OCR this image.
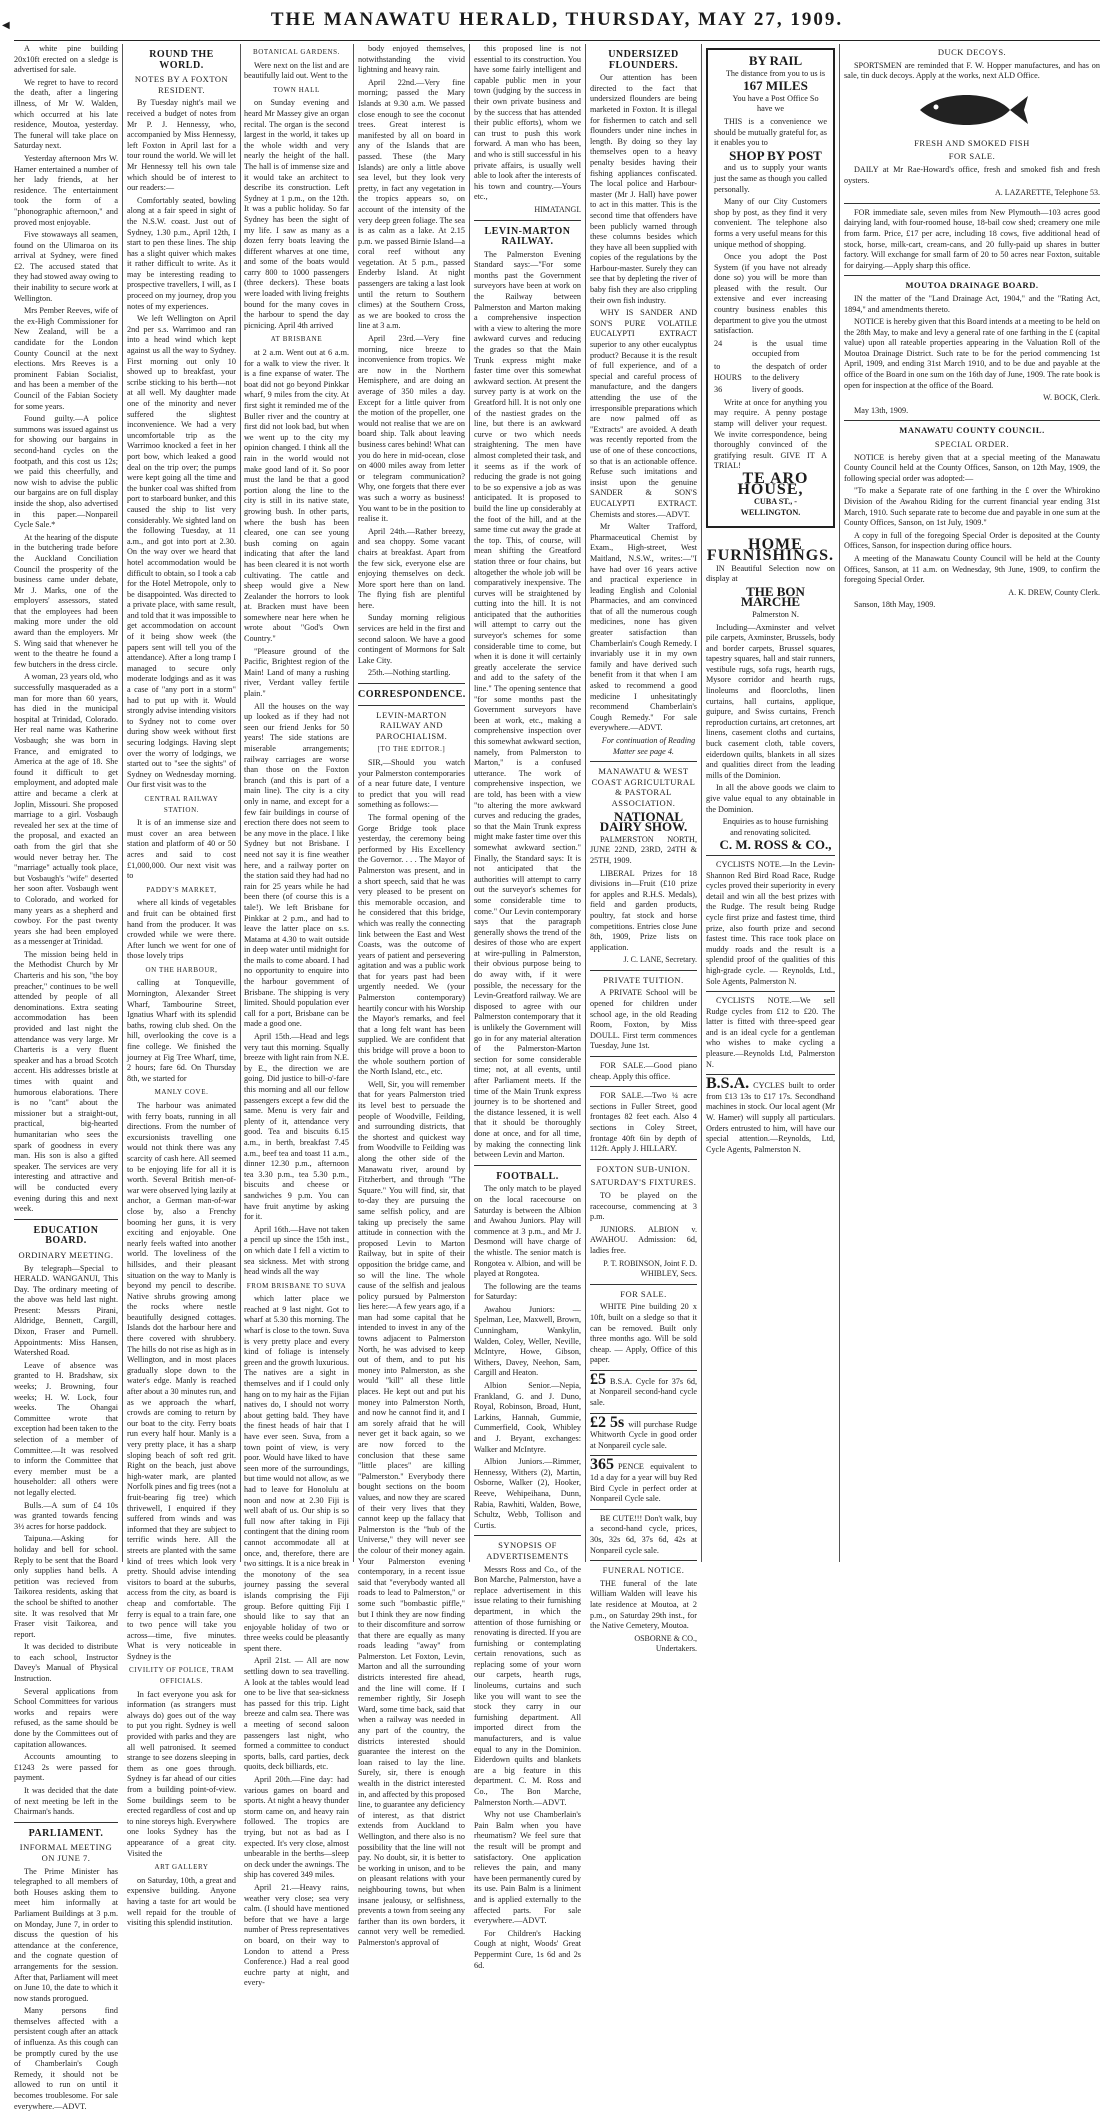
◀	THE MANAWATU HERALD, THURSDAY, MAY 27, 1909.

A white pine building 20x10ft erected on a sledge is advertised for sale.

We regret to have to record the death, after a lingering illness, of Mr W. Walden, which occurred at his late residence, Moutoa, yesterday. The funeral will take place on Saturday next.

Yesterday afternoon Mrs W. Hamer entertained a number of her lady friends, at her residence. The entertainment took the form of a "phonographic afternoon," and proved most enjoyable.

Five stowaways all seamen, found on the Ulimaroa on its arrival at Sydney, were fined £2. The accused stated that they had stowed away owing to their inability to secure work at Wellington.

Mrs Pember Reeves, wife of the ex-High Commissioner for New Zealand, will be a candidate for the London County Council at the next elections. Mrs Reeves is a prominent Fabian Socialist, and has been a member of the Council of the Fabian Society for some years.

Found guilty.—A police summons was issued against us for showing our bargains in second-hand cycles on the footpath, and this cost us 12s; we paid this cheerfully, and now wish to advise the public our bargains are on full display inside the shop, also advertised in this paper.—Nonpareil Cycle Sale.*

At the hearing of the dispute in the butchering trade before the Auckland Conciliation Council the prosperity of the business came under debate, Mr J. Marks, one of the employers' assessors, stated that the employees had been making more under the old award than the employers. Mr S. Wing said that whenever he went to the theatre he found a few butchers in the dress circle.

A woman, 23 years old, who successfully masqueraded as a man for more than 60 years, has died in the municipal hospital at Trinidad, Colorado. Her real name was Katherine Vosbaugh; she was born in France, and emigrated to America at the age of 18. She found it difficult to get employment, and adopted male attire and became a clerk at Joplin, Missouri. She proposed marriage to a girl. Vosbaugh revealed her sex at the time of the proposal, and exacted an oath from the girl that she would never betray her. The "marriage" actually took place, but Vosbaugh's "wife" deserted her soon after. Vosbaugh went to Colorado, and worked for many years as a shepherd and cowboy. For the past twenty years she had been employed as a messenger at Trinidad.

The mission being held in the Methodist Church by Mr Charteris and his son, "the boy preacher," continues to be well attended by people of all denominations. Extra seating accommodation has been provided and last night the attendance was very large. Mr Charteris is a very fluent speaker and has a broad Scotch accent. His addresses bristle at times with quaint and humorous elaborations. There is no "cant" about the missioner but a straight-out, practical, big-hearted humanitarian who sees the spark of goodness in every man. His son is also a gifted speaker. The services are very interesting and attractive and will be conducted every evening during this and next week.

EDUCATION BOARD.

ORDINARY MEETING.

By telegraph—Special to HERALD. WANGANUI, This Day. The ordinary meeting of the above was held last night. Present: Messrs Pirani, Aldridge, Bennett, Cargill, Dixon, Fraser and Purnell. Appointments: Miss Hansen, Watershed Road.

Leave of absence was granted to H. Bradshaw, six weeks; J. Browning, four weeks; H. W. Lock, four weeks. The Ohangai Committee wrote that exception had been taken to the selection of a member of Committee.—It was resolved to inform the Committee that every member must be a householder: all others were not legally elected.

Bulls.—A sum of £4 10s was granted towards fencing 3½ acres for horse paddock.

Taipuna.—Asking for holiday and bell for school. Reply to be sent that the Board only supplies hand bells. A petition was recieved from Taikorea residents, asking that the school be shifted to another site. It was resolved that Mr Fraser visit Taikorea, and report.

It was decided to distribute to each school, Instructor Davey's Manual of Physical Instruction.

Several applications from School Committees for various works and repairs were refused, as the same should be done by the Committees out of capitation allowances.

Accounts amounting to £1243 2s were passed for payment.

It was decided that the date of next meeting be left in the Chairman's hands.

PARLIAMENT.

INFORMAL MEETING ON JUNE 7.

The Prime Minister has telegraphed to all members of both Houses asking them to meet him informally at Parliament Buildings at 3 p.m. on Monday, June 7, in order to discuss the question of his attendance at the conference, and the cognate question of arrangements for the session. After that, Parliament will meet on June 10, the date to which it now stands prorogued.

Many persons find themselves affected with a persistent cough after an attack of influenza. As this cough can be promptly cured by the use of Chamberlain's Cough Remedy, it should not be allowed to run on until it becomes troublesome. For sale everywhere.—ADVT.

ROUND THE WORLD.

NOTES BY A FOXTON RESIDENT.

By Tuesday night's mail we received a budget of notes from Mr P. J. Hennessy, who, accompanied by Miss Hennessy, left Foxton in April last for a tour round the world. We will let Mr Hennessy tell his own tale which should be of interest to our readers:—

Comfortably seated, bowling along at a fair speed in sight of the N.S.W. coast. Just out of Sydney, 1.30 p.m., April 12th, I start to pen these lines. The ship has a slight quiver which makes it rather difficult to write. As it may be interesting reading to prospective travellers, I will, as I proceed on my journey, drop you notes of my experiences.

We left Wellington on April 2nd per s.s. Warrimoo and ran into a head wind which kept against us all the way to Sydney. First morning out only 10 showed up to breakfast, your scribe sticking to his berth—not at all well. My daughter made one of the minority and never suffered the slightest inconvenience. We had a very uncomfortable trip as the Warrimoo knocked a feet in her port bow, which leaked a good deal on the trip over; the pumps were kept going all the time and the bunker coal was shifted from port to starboard bunker, and this caused the ship to list very considerably. We sighted land on the following Tuesday, at 11 a.m., and got into port at 2.30. On the way over we heard that hotel accommodation would be difficult to obtain, so I took a cab for the Hotel Metropole, only to be disappointed. Was directed to a private place, with same result, and told that it was impossible to get accommodation on account of it being show week (the papers sent will tell you of the attendance). After a long tramp I managed to secure only moderate lodgings and as it was a case of "any port in a storm" had to put up with it. Would strongly advise intending visitors to Sydney not to come over during show week without first securing lodgings. Having slept over the worry of lodgings, we started out to "see the sights" of Sydney on Wednesday morning. Our first visit was to the

CENTRAL RAILWAY STATION.

It is of an immense size and must cover an area between station and platform of 40 or 50 acres and said to cost £1,000,000. Our next visit was to

PADDY'S MARKET,

where all kinds of vegetables and fruit can be obtained first hand from the producer. It was crowded while we were there. After lunch we went for one of those lovely trips

ON THE HARBOUR,

calling at Tonqueville, Mornington, Alexander Street Wharf, Tambourine Street, Ignatius Wharf with its splendid baths, rowing club shed. On the hill, overlooking the cove is a fine college. We finished the journey at Fig Tree Wharf, time, 2 hours; fare 6d. On Thursday 8th, we started for

MANLY COVE.

The harbour was animated with ferry boats, running in all directions. From the number of excursionists travelling one would not think there was any scarcity of cash here. All seemed to be enjoying life for all it is worth. Several British men-of-war were observed lying lazily at anchor, a German man-of-war close by, also a Frenchy booming her guns, it is very exciting and enjoyable. One nearly feels wafted into another world. The loveliness of the hillsides, and their pleasant situation on the way to Manly is beyond my pencil to describe. Native shrubs growing among the rocks where nestle beautifully designed cottages. Islands dot the harbour here and there covered with shrubbery. The hills do not rise as high as in Wellington, and in most places gradually slope down to the water's edge. Manly is reached after about a 30 minutes run, and as we approach the wharf, crowds are coming to return by our boat to the city. Ferry boats run every half hour. Manly is a very pretty place, it has a sharp sloping beach of soft red grit. Right on the beach, just above high-water mark, are planted Norfolk pines and fig trees (not a fruit-bearing fig tree) which thrivewell, I enquired if they suffered from winds and was informed that they are subject to terrific winds here. All the streets are planted with the same kind of trees which look very pretty. Should advise intending visitors to board at the suburbs, access from the city, as board is cheap and comfortable. The ferry is equal to a train fare, one to two pence will take you across—time, five minutes. What is very noticeable in Sydney is the

CIVILITY OF POLICE, TRAM OFFICIALS.

In fact everyone you ask for information (as strangers must always do) goes out of the way to put you right. Sydney is well provided with parks and they are all well patronised. It seemed strange to see dozens sleeping in them as one goes through. Sydney is far ahead of our cities from a building point-of-view. Some buildings seem to be erected regardless of cost and up to nine storeys high. Everywhere one looks Sydney has the appearance of a great city. Visited the

ART GALLERY

on Saturday, 10th, a great and expensive building. Anyone having a taste for art would be well repaid for the trouble of visiting this splendid institution.

BOTANICAL GARDENS.

Were next on the list and are beautifully laid out. Went to the

TOWN HALL

on Sunday evening and heard Mr Massey give an organ recital. The organ is the second largest in the world, it takes up the whole width and very nearly the height of the hall. The hall is of immense size and it would take an architect to describe its construction. Left Sydney at 1 p.m., on the 12th. It was a public holiday. So far Sydney has been the sight of my life. I saw as many as a dozen ferry boats leaving the different wharves at one time, and some of the boats would carry 800 to 1000 passengers (three deckers). These boats were loaded with living freights bound for the many coves in the harbour to spend the day picnicing. April 4th arrived

AT BRISBANE

at 2 a.m. Went out at 6 a.m. for a walk to view the river. It is a fine expanse of water. The boat did not go beyond Pinkkar wharf, 9 miles from the city. At first sight it reminded me of the Buller river and the country at first did not look bad, but when we went up to the city my opinion changed. I think all the rain in the world would not make good land of it. So poor must the land be that a good portion along the line to the city is still in its native state, growing bush. In other parts, where the bush has been cleared, one can see young bush coming on again indicating that after the land has been cleared it is not worth cultivating. The cattle and sheep would give a New Zealander the horrors to look at. Bracken must have been somewhere near here when he wrote about "God's Own Country."

"Pleasure ground of the Pacific, Brightest region of the Main! Land of many a rushing river, Verdant valley fertile plain."

All the houses on the way up looked as if they had not seen our friend Jenks for 50 years! The side stations are miserable arrangements; railway carriages are worse than those on the Foxton branch (and this is part of a main line). The city is a city only in name, and except for a few fair buildings in course of erection there does not seem to be any move in the place. I like Sydney but not Brisbane. I need not say it is fine weather here, and a railway porter on the station said they had had no rain for 25 years while he had been there (of course this is a tale!). We left Brisbane for Pinkkar at 2 p.m., and had to leave the latter place on s.s. Matama at 4.30 to wait outside in deep water until midnight for the mails to come aboard. I had no opportunity to enquire into the harbour government of Brisbane. The shipping is very limited. Should population ever call for a port, Brisbane can be made a good one.

April 15th.—Head and legs very taut this morning. Squally breeze with light rain from N.E. by E., the direction we are going. Did justice to bill-o'-fare this morning and all our fellow passengers except a few did the same. Menu is very fair and plenty of it, attendance very good. Tea and biscuits 6.15 a.m., in berth, breakfast 7.45 a.m., beef tea and toast 11 a.m., dinner 12.30 p.m., afternoon tea 3.30 p.m., tea 5.30 p.m., biscuits and cheese or sandwiches 9 p.m. You can have fruit anytime by asking for it.

April 16th.—Have not taken a pencil up since the 15th inst., on which date I fell a victim to sea sickness. Met with strong head winds all the way

FROM BRISBANE TO SUVA

which latter place we reached at 9 last night. Got to wharf at 5.30 this morning. The wharf is close to the town. Suva is very pretty place and every kind of foliage is intensely green and the growth luxurious. The natives are a sight in themselves and if I could only hang on to my hair as the Fijian natives do, I should not worry about getting bald. They have the finest heads of hair that I have ever seen. Suva, from a town point of view, is very poor. Would have liked to have seen more of the surroundings, but time would not allow, as we had to leave for Honolulu at noon and now at 2.30 Fiji is well abaft of us. Our ship is so full now after taking in Fiji contingent that the dining room cannot accommodate all at once, and, therefore, there are two sittings. It is a nice break in the monotony of the sea journey passing the several islands comprising the Fiji group. Before quitting Fiji I should like to say that an enjoyable holiday of two or three weeks could be pleasantly spent there.

April 21st. — All are now settling down to sea travelling. A look at the tables would lead one to be live that sea-sickness has passed for this trip. Light breeze and calm sea. There was a meeting of second saloon passengers last night, who formed a committee to conduct sports, balls, card parties, deck quoits, deck billiards, etc.

April 20th.—Fine day: had various games on board and sports. At night a heavy thunder storm came on, and heavy rain followed. The tropics are trying, but not as bad as I expected. It's very close, almost unbearable in the berths—sleep on deck under the awnings. The ship has covered 349 miles.

April 21.—Heavy rains, weather very close; sea very calm. (I should have mentioned before that we have a large number of Press representatives on board, on their way to London to attend a Press Conference.) Had a real good euchre party at night, and every-

body enjoyed themselves, notwithstanding the vivid lightning and heavy rain.

April 22nd.—Very fine morning; passed the Mary Islands at 9.30 a.m. We passed close enough to see the coconut trees. Great interest is manifested by all on board in any of the Islands that are passed. These (the Mary Islands) are only a little above sea level, but they look very pretty, in fact any vegetation in the tropics appears so, on account of the intensity of the very deep green foliage. The sea is as calm as a lake. At 2.15 p.m. we passed Birnie Island—a coral reef without any vegetation. At 5 p.m., passed Enderby Island. At night passengers are taking a last look until the return to Southern climes) at the Southern Cross, as we are booked to cross the line at 3 a.m.

April 23rd.—Very fine morning, nice breeze to inconvenience from tropics. We are now in the Northern Hemisphere, and are doing an average of 350 miles a day. Except for a little quiver from the motion of the propeller, one would not realise that we are on board ship. Talk about leaving business cares behind! What can you do here in mid-ocean, close on 4000 miles away from letter or telegram communication? Why, one forgets that there ever was such a worry as business! You want to be in the position to realise it.

April 24th.—Rather breezy, and sea choppy. Some vacant chairs at breakfast. Apart from the few sick, everyone else are enjoying themselves on deck. More sport here than on land. The flying fish are plentiful here.

Sunday morning religious services are held in the first and second saloon. We have a good contingent of Mormons for Salt Lake City.

25th.—Nothing startling.

CORRESPONDENCE.

LEVIN-MARTON RAILWAY AND PAROCHIALISM.

[TO THE EDITOR.]

SIR,—Should you watch your Palmerston contemporaries of a near future date, I venture to predict that you will read something as follows:—

The formal opening of the Gorge Bridge took place yesterday, the ceremony being performed by His Excellency the Governor. . . . The Mayor of Palmerston was present, and in a short speech, said that he was very pleased to be present on this memorable occasion, and he considered that this bridge, which was really the connecting link between the East and West Coasts, was the outcome of years of patient and persevering agitation and was a public work that for years past had been urgently needed. We (your Palmerston contemporary) heartily concur with his Worship the Mayor's remarks, and feel that a long felt want has been supplied. We are confident that this bridge will prove a boon to the whole southern portion of the North Island, etc., etc.

Well, Sir, you will remember that for years Palmerston tried its level best to persuade the people of Woodville, Feilding, and surrounding districts, that the shortest and quickest way from Woodville to Feilding was along the other side of the Manawatu river, around by Fitzherbert, and through "The Square." You will find, sir, that to-day they are pursuing the same selfish policy, and are taking up precisely the same attitude in connection with the proposed Levin to Marton Railway, but in spite of their opposition the bridge came, and so will the line. The whole cause of the selfish and jealous policy pursued by Palmerston lies here:—A few years ago, if a man had some capital that he intended to invest in any of the towns adjacent to Palmerston North, he was advised to keep out of them, and to put his money into Palmerston, as she would "kill" all these little places. He kept out and put his money into Palmerston North, and now he cannot find it, and I am sorely afraid that he will never get it back again, so we are now forced to the conclusion that these same "little places" are killing "Palmerston." Everybody there bought sections on the boom values, and now they are scared of their very lives that they cannot keep up the fallacy that Palmerston is the "hub of the Universe," they will never see the colour of their money again. Your Palmerston evening contemporary, in a recent issue said that "everybody wanted all roads to lead to Palmerston," or some such "bombastic piffle," but I think they are now finding to their discomfiture and sorrow that there are equally as many roads leading "away" from Palmerston. Let Foxton, Levin, Marton and all the surrounding districts interested fire ahead, and the line will come. If I remember rightly, Sir Joseph Ward, some time back, said that when a railway was needed in any part of the country, the districts interested should guarantee the interest on the loan raised to lay the line. Surely, sir, there is enough wealth in the district interested in, and affected by this proposed line, to guarantee any deficiency of interest, as that district extends from Auckland to Wellington, and there also is no possibility that the line will not pay. No doubt, sir, it is better to be working in unison, and to be on pleasant relations with your neighbouring towns, but when insane jealousy, or selfishness, prevents a town from seeing any farther than its own borders, it cannot very well be remedied. Palmerston's approval of

this proposed line is not essential to its construction. You have some fairly intelligent and capable public men in your town (judging by the success in their own private business and by the success that has attended their public efforts), whom we can trust to push this work forward. A man who has been, and who is still successful in his private affairs, is usually well able to look after the interests of his town and country.—Yours etc.,

HIMATANGI.

LEVIN-MARTON RAILWAY.

The Palmerston Evening Standard says:—"For some months past the Government surveyors have been at work on the Railway between Palmerston and Marton making a comprehensive inspection with a view to altering the more awkward curves and reducing the grades so that the Main Trunk express might make faster time over this somewhat awkward section. At present the survey party is at work on the Greatford hill. It is not only one of the nastiest grades on the line, but there is an awkward curve or two which needs straightening. The men have almost completed their task, and it seems as if the work of reducing the grade is not going to be so expensive a job as was anticipated. It is proposed to build the line up considerably at the foot of the hill, and at the same time cut away the grade at the top. This, of course, will mean shifting the Greatford station three or four chains, but altogether the whole job will be comparatively inexpensive. The curves will be straightened by cutting into the hill. It is not anticipated that the authorities will attempt to carry out the surveyor's schemes for some considerable time to come, but when it is done it will certainly greatly accelerate the service and add to the safety of the line." The opening sentence that "for some months past the Government surveyors have been at work, etc., making a comprehensive inspection over this somewhat awkward section, namely, from Palmerston to Marton," is a confused utterance. The work of comprehensive inspection, we are told, has been with a view "to altering the more awkward curves and reducing the grades, so that the Main Trunk express might make faster time over this somewhat awkward section." Finally, the Standard says: It is not anticipated that the authorities will attempt to carry out the surveyor's schemes for some considerable time to come." Our Levin contemporary says that the paragraph generally shows the trend of the desires of those who are expert at wire-pulling in Palmerston, their obvious purpose being to do away with, if it were possible, the necessary for the Levin-Greatford railway. We are disposed to agree with our Palmerston contemporary that it is unlikely the Government will go in for any material alteration of the Palmerston-Marton section for some considerable time; not, at all events, until after Parliament meets. If the time of the Main Trunk express journey is to be shortened and the distance lessened, it is well that it should be thoroughly done at once, and for all time, by making the connecting link between Levin and Marton.

FOOTBALL.

The only match to be played on the local racecourse on Saturday is between the Albion and Awahou Juniors. Play will commence at 3 p.m., and Mr J. Desmond will have charge of the whistle. The senior match is Rongotea v. Albion, and will be played at Rongotea.

The following are the teams for Saturday:

Awahou Juniors: — Spelman, Lee, Maxwell, Brown, Cunningham, Wankylin, Walden, Coley, Weller, Neville, McIntyre, Howe, Gibson, Withers, Davey, Neehon, Sam, Cargill and Heaton.

Albion Senior.—Nepia, Frankland, G. and J. Duno, Royal, Robinson, Broad, Hunt, Larkins, Hannah, Gummie, Cummerfield, Cook, Whibley and J. Bryant, exchanges: Walker and McIntyre.

Albion Juniors.—Rimmer, Hennessy, Withers (2), Martin, Osborne, Walker (2), Hooker, Reeve, Wehipeihana, Dunn, Rabia, Rawhiti, Walden, Bowe, Schultz, Webb, Tollison and Curtis.

SYNOPSIS OF ADVERTISEMENTS

Messrs Ross and Co., of the Bon Marche, Palmerston, have a replace advertisement in this issue relating to their furnishing department, in which the attention of those furnishing or renovating is directed. If you are furnishing or contemplating certain renovations, such as replacing some of your worn our carpets, hearth rugs, linoleums, curtains and such like you will want to see the stock they carry in our furnishing department. All imported direct from the manufacturers, and is value equal to any in the Dominion. Eiderdown quilts and blankets are a big feature in this department. C. M. Ross and Co., The Bon Marche, Palmerston North.—ADVT.

Why not use Chamberlain's Pain Balm when you have rheumatism? We feel sure that the result will be prompt and satisfactory. One application relieves the pain, and many have been permanently cured by its use. Pain Balm is a liniment and is applied externally to the affected parts. For sale everywhere.—ADVT.

For Children's Hacking Cough at night, Woods' Great Peppermint Cure, 1s 6d and 2s 6d.

UNDERSIZED FLOUNDERS.

Our attention has been directed to the fact that undersized flounders are being marketed in Foxton. It is illegal for fishermen to catch and sell flounders under nine inches in length. By doing so they lay themselves open to a heavy penalty besides having their fishing appliances confiscated. The local police and Harbour-master (Mr J. Hall) have power to act in this matter. This is the second time that offenders have been publicly warned through these columns besides which they have all been supplied with copies of the regulations by the Harbour-master. Surely they can see that by depleting the river of baby fish they are also crippling their own fish industry.

WHY IS SANDER AND SON'S PURE VOLATILE EUCALYPTI EXTRACT superior to any other eucalyptus product? Because it is the result of full experience, and of a special and careful process of manufacture, and the dangers attending the use of the irresponsible preparations which are now palmed off as "Extracts" are avoided. A death was recently reported from the use of one of these concoctions, so that is an actionable offence. Refuse such imitations and insist upon the genuine SANDER & SON'S EUCALYPTI EXTRACT. Chemists and stores.—ADVT.

Mr Walter Trafford, Pharmaceutical Chemist by Exam., High-street, West Maitland, N.S.W., writes:—"I have had over 16 years active and practical experience in leading English and Colonial Pharmacies, and am convinced that of all the numerous cough medicines, none has given greater satisfaction than Chamberlain's Cough Remedy. I invariably use it in my own family and have derived such benefit from it that when I am asked to recommend a good medicine I unhesitatingly recommend Chamberlain's Cough Remedy." For sale everywhere.—ADVT.

For continuation of Reading Matter see page 4.

MANAWATU & WEST COAST AGRICULTURAL & PASTORAL ASSOCIATION.

NATIONAL DAIRY SHOW.

PALMERSTON NORTH, JUNE 22ND, 23RD, 24TH & 25TH, 1909.

LIBERAL Prizes for 18 divisions in—Fruit (£10 prize for apples and R.H.S. Medals), field and garden products, poultry, fat stock and horse competitions. Entries close June 8th, 1909, Prize lists on application.

J. C. LANE, Secretary.

PRIVATE TUITION.

A PRIVATE School will be opened for children under school age, in the old Reading Room, Foxton, by Miss DOULL. First term commences Tuesday, June 1st.

FOR SALE.—Good piano cheap. Apply this office.

FOR SALE.—Two ¼ acre sections in Fuller Street, good frontages 82 feet each. Also 4 sections in Coley Street, frontage 40ft 6in by depth of 112ft. Apply J. HILLARY.

FOXTON SUB-UNION.

SATURDAY'S FIXTURES.

TO be played on the racecourse, commencing at 3 p.m.

JUNIORS. ALBION v. AWAHOU. Admission: 6d, ladies free.

P. T. ROBINSON, Joint F. D. WHIBLEY, Secs.

FOR SALE.

WHITE Pine building 20 x 10ft, built on a sledge so that it can be removed. Built only three months ago. Will be sold cheap. — Apply, Office of this paper.

£5 B.S.A. Cycle for 37s 6d, at Nonpareil second-hand cycle sale.

£2 5s will purchase Rudge Whitworth Cycle in good order at Nonpareil cycle sale.

365 PENCE equivalent to 1d a day for a year will buy Red Bird Cycle in perfect order at Nonpareil Cycle sale.

BE CUTE!!! Don't walk, buy a second-hand cycle, prices, 30s, 32s 6d, 37s 6d, 42s at Nonpareil cycle sale.

FUNERAL NOTICE.

THE funeral of the late William Walden will leave his late residence at Moutoa, at 2 p.m., on Saturday 29th inst., for the Native Cemetery, Moutoa.

OSBORNE & CO., Undertakers.

BY RAIL

The distance from you to us is

167 MILES

You have a Post Office So have we

THIS is a convenience we should be mutually grateful for, as it enables you to

SHOP BY POST

and us to supply your wants just the same as though you called personally.

Many of our City Customers shop by post, as they find it very convenient. The telephone also forms a very useful means for this unique method of shopping.

Once you adopt the Post System (if you have not already done so) you will be more than pleased with the result. Our extensive and ever increasing country business enables this department to give you the utmost satisfaction.

24	is the usual time occupied from
to HOURS
the despatch of order to the delivery
36	livery of goods.

Write at once for anything you may require. A penny postage stamp will deliver your request. We invite correspondence, being thoroughly convinced of the gratifying result. GIVE IT A TRIAL!

TE ARO HOUSE,

CUBA ST., - WELLINGTON.

HOME FURNISHINGS.

IN Beautiful Selection now on display at

THE BON MARCHE

Palmerston N.

Including—Axminster and velvet pile carpets, Axminster, Brussels, body and border carpets, Brussel squares, tapestry squares, hall and stair runners, vestibule rugs, sofa rugs, hearth rugs, Mysore corridor and hearth rugs, linoleums and floorcloths, linen curtains, hall curtains, applique, guipure, and Swiss curtains, French reproduction curtains, art cretonnes, art linens, casement cloths and curtains, buck casement cloth, table covers, eiderdown quilts, blankets in all sizes and qualities direct from the leading mills of the Dominion.

In all the above goods we claim to give value equal to any obtainable in the Dominion.

Enquiries as to house furnishing and renovating solicited.

C. M. ROSS & CO.,

CYCLISTS NOTE.—In the Levin-Shannon Red Bird Road Race, Rudge cycles proved their superiority in every detail and win all the best prizes with the Rudge. The result being Rudge cycle first prize and fastest time, third prize, also fourth prize and second fastest time. This race took place on muddy roads and the result is a splendid proof of the qualities of this high-grade cycle. — Reynolds, Ltd., Sole Agents, Palmerston N.

CYCLISTS NOTE.—We sell Rudge cycles from £12 to £20. The latter is fitted with three-speed gear and is an ideal cycle for a gentleman who wishes to make cycling a pleasure.—Reynolds Ltd, Palmerston N.

B.S.A. CYCLES built to order from £13 13s to £17 17s. Secondhand machines in stock. Our local agent (Mr W. Hamer) will supply all particulars. Orders entrusted to him, will have our special attention.—Reynolds, Ltd, Cycle Agents, Palmerston N.

DUCK DECOYS.

SPORTSMEN are reminded that F. W. Hopper manufactures, and has on sale, tin duck decoys. Apply at the works, next ALD Office.

FRESH AND SMOKED FISH

FOR SALE.

DAILY at Mr Rae-Howard's office, fresh and smoked fish and fresh oysters.

A. LAZARETTE, Telephone 53.

FOR immediate sale, seven miles from New Plymouth—103 acres good dairying land, with four-roomed house, 18-bail cow shed; creamery one mile from farm. Price, £17 per acre, including 18 cows, five additional head of stock, horse, milk-cart, cream-cans, and 20 fully-paid up shares in butter factory. Will exchange for small farm of 20 to 50 acres near Foxton, suitable for dairying.—Apply sharp this office.

MOUTOA DRAINAGE BOARD.

IN the matter of the "Land Drainage Act, 1904," and the "Rating Act, 1894," and amendments thereto.

NOTICE is hereby given that this Board intends at a meeting to be held on the 28th May, to make and levy a general rate of one farthing in the £ (capital value) upon all rateable properties appearing in the Valuation Roll of the Moutoa Drainage District. Such rate to be for the period commencing 1st April, 1909, and ending 31st March 1910, and to be due and payable at the office of the Board in one sum on the 16th day of June, 1909. The rate book is open for inspection at the office of the Board.

W. BOCK, Clerk.

May 13th, 1909.

MANAWATU COUNTY COUNCIL.

SPECIAL ORDER.

NOTICE is hereby given that at a special meeting of the Manawatu County Council held at the County Offices, Sanson, on 12th May, 1909, the following special order was adopted:—

"To make a Separate rate of one farthing in the £ over the Whirokino Division of the Awahou Riding for the current financial year ending 31st March, 1910. Such separate rate to become due and payable in one sum at the County Offices, Sanson, on 1st July, 1909."

A copy in full of the foregoing Special Order is deposited at the County Offices, Sanson, for inspection during office hours.

A meeting of the Manawatu County Council will be held at the County Offices, Sanson, at 11 a.m. on Wednesday, 9th June, 1909, to confirm the foregoing Special Order.

A. K. DREW, County Clerk.

Sanson, 18th May, 1909.
